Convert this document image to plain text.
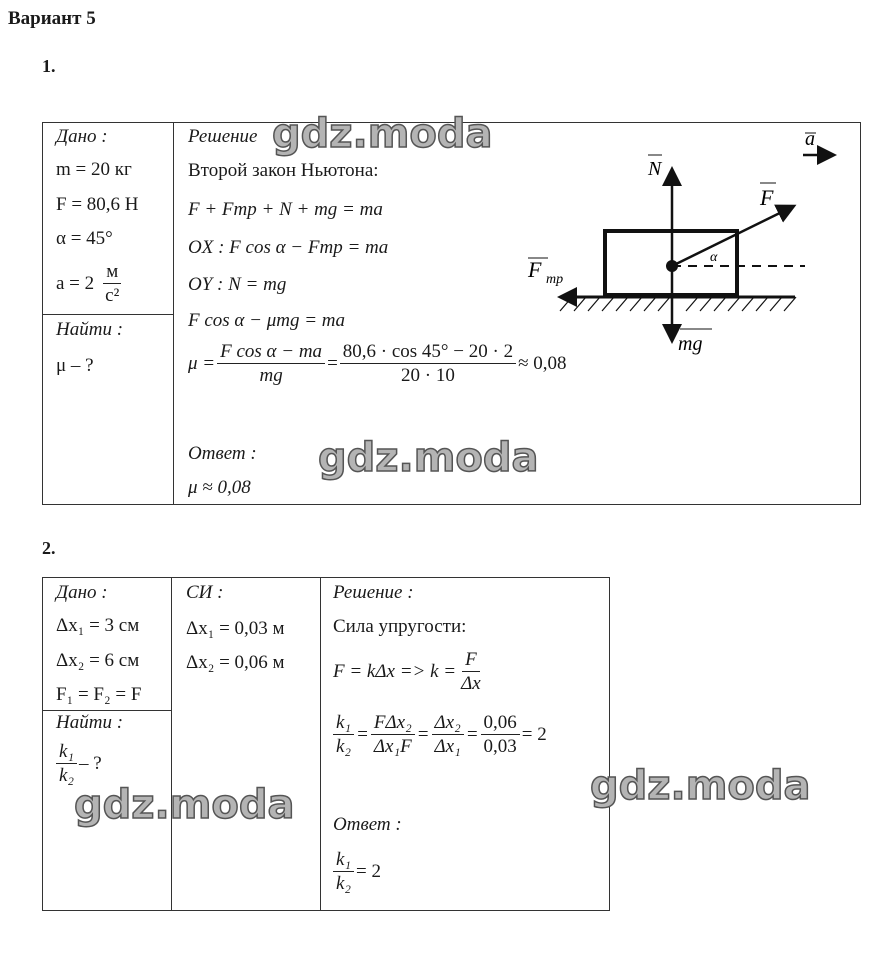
Вариант 5
1.
Дано :
m = 20 кг
F = 80,6 Н
α = 45°
$a = 2 \frac{м}{\text{с²}}$
Найти :
μ – ?
Решение
Второй закон Ньютона:
F + Fтр + N + mg = ma
OX : F cos α − Fтр = ma
OY : N = mg
F cos α − μmg = ma
$\mu = \frac{\text{F cos α − ma}}{mg} = \frac{80,6 \cdot \cos 45^\circ - 20 \cdot 2}{20 \cdot 10} \approx 0,08$
Ответ :
μ ≈ 0,08
a
F mp
N
F
α
mg
2.
Дано :
Δx₁ = 3 см
Δx₂ = 6 см
F₁ = F₂ = F
Найти :
$\frac{\text{k₁}}{\text{k₂}}$ – ?
СИ :
Δx₁ = 0,03 м
Δx₂ = 0,06 м
Решение :
Сила упругости:
$F = k\Delta x => k = \frac{F}{\Delta x}$
$\frac{\text{k₁}}{\text{k₂}} = \frac{\text{FΔx₂}}{\text{Δx₁F}} = \frac{\text{Δx₂}}{\text{Δx₁}} = \frac{0,06}{0,03} = 2$
Ответ :
$\frac{\text{k₁}}{\text{k₂}} = 2$
gdz.moda
gdz.moda
gdz.moda	gdz.moda
